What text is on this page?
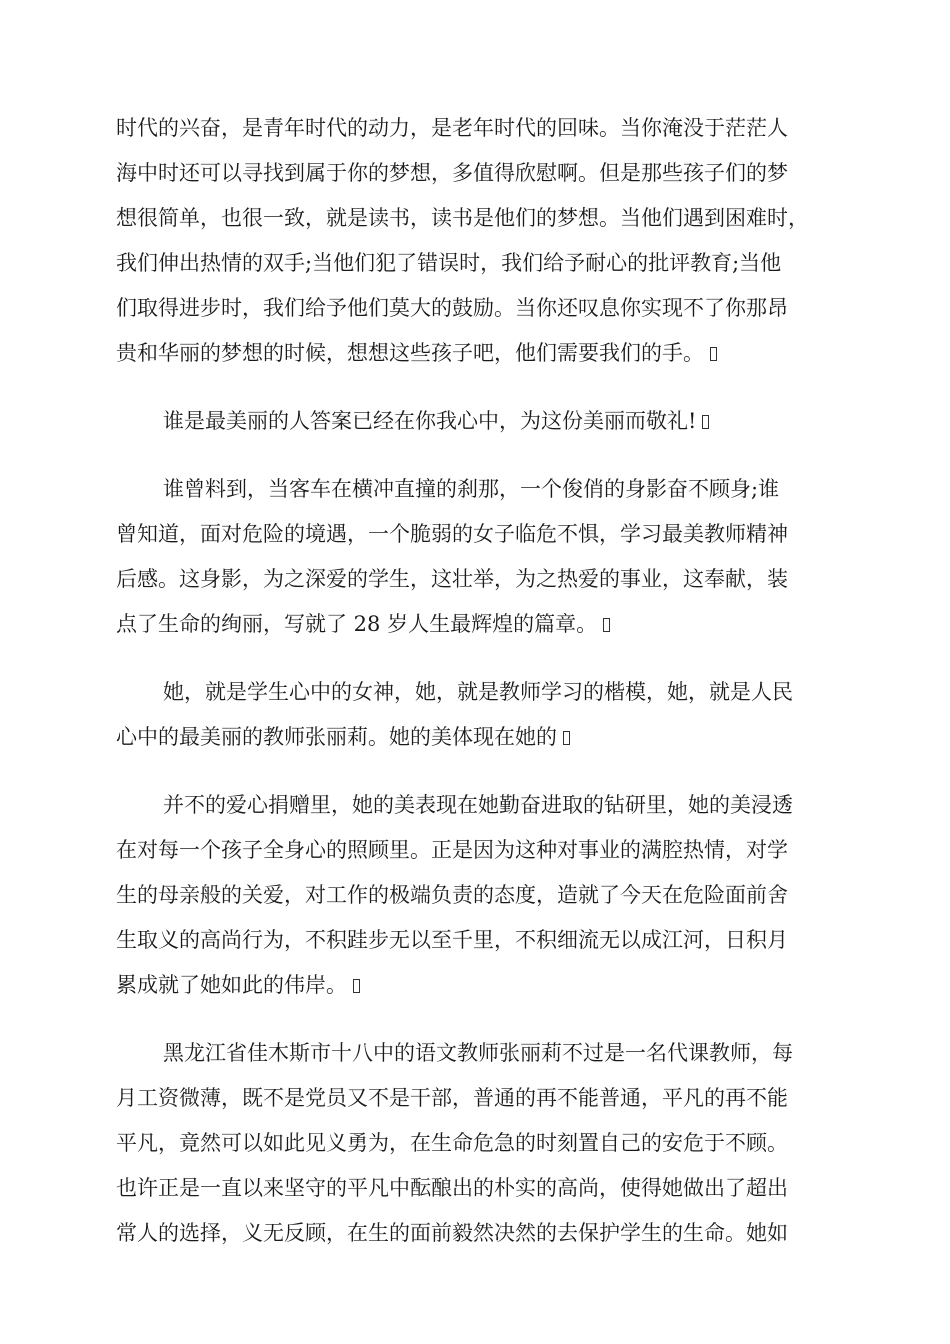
时代的兴奋，是青年时代的动力，是老年时代的回味。当你淹没于茫茫人
海中时还可以寻找到属于你的梦想，多值得欣慰啊。但是那些孩子们的梦
想很简单，也很一致，就是读书，读书是他们的梦想。当他们遇到困难时，
我们伸出热情的双手;当他们犯了错误时，我们给予耐心的批评教育;当他
们取得进步时，我们给予他们莫大的鼓励。当你还叹息你实现不了你那昂
贵和华丽的梦想的时候，想想这些孩子吧，他们需要我们的手。
谁是最美丽的人答案已经在你我心中，为这份美丽而敬礼!
谁曾料到，当客车在横冲直撞的刹那，一个俊俏的身影奋不顾身;谁
曾知道，面对危险的境遇，一个脆弱的女子临危不惧，学习最美教师精神
后感。这身影，为之深爱的学生，这壮举，为之热爱的事业，这奉献，装
点了生命的绚丽，写就了 28 岁人生最辉煌的篇章。
她，就是学生心中的女神，她，就是教师学习的楷模，她，就是人民
心中的最美丽的教师张丽莉。她的美体现在她的
并不的爱心捐赠里，她的美表现在她勤奋进取的钻研里，她的美浸透
在对每一个孩子全身心的照顾里。正是因为这种对事业的满腔热情，对学
生的母亲般的关爱，对工作的极端负责的态度，造就了今天在危险面前舍
生取义的高尚行为，不积跬步无以至千里，不积细流无以成江河，日积月
累成就了她如此的伟岸。
黑龙江省佳木斯市十八中的语文教师张丽莉不过是一名代课教师，每
月工资微薄，既不是党员又不是干部，普通的再不能普通，平凡的再不能
平凡，竟然可以如此见义勇为，在生命危急的时刻置自己的安危于不顾。
也许正是一直以来坚守的平凡中酝酿出的朴实的高尚，使得她做出了超出
常人的选择，义无反顾，在生的面前毅然决然的去保护学生的生命。她如
